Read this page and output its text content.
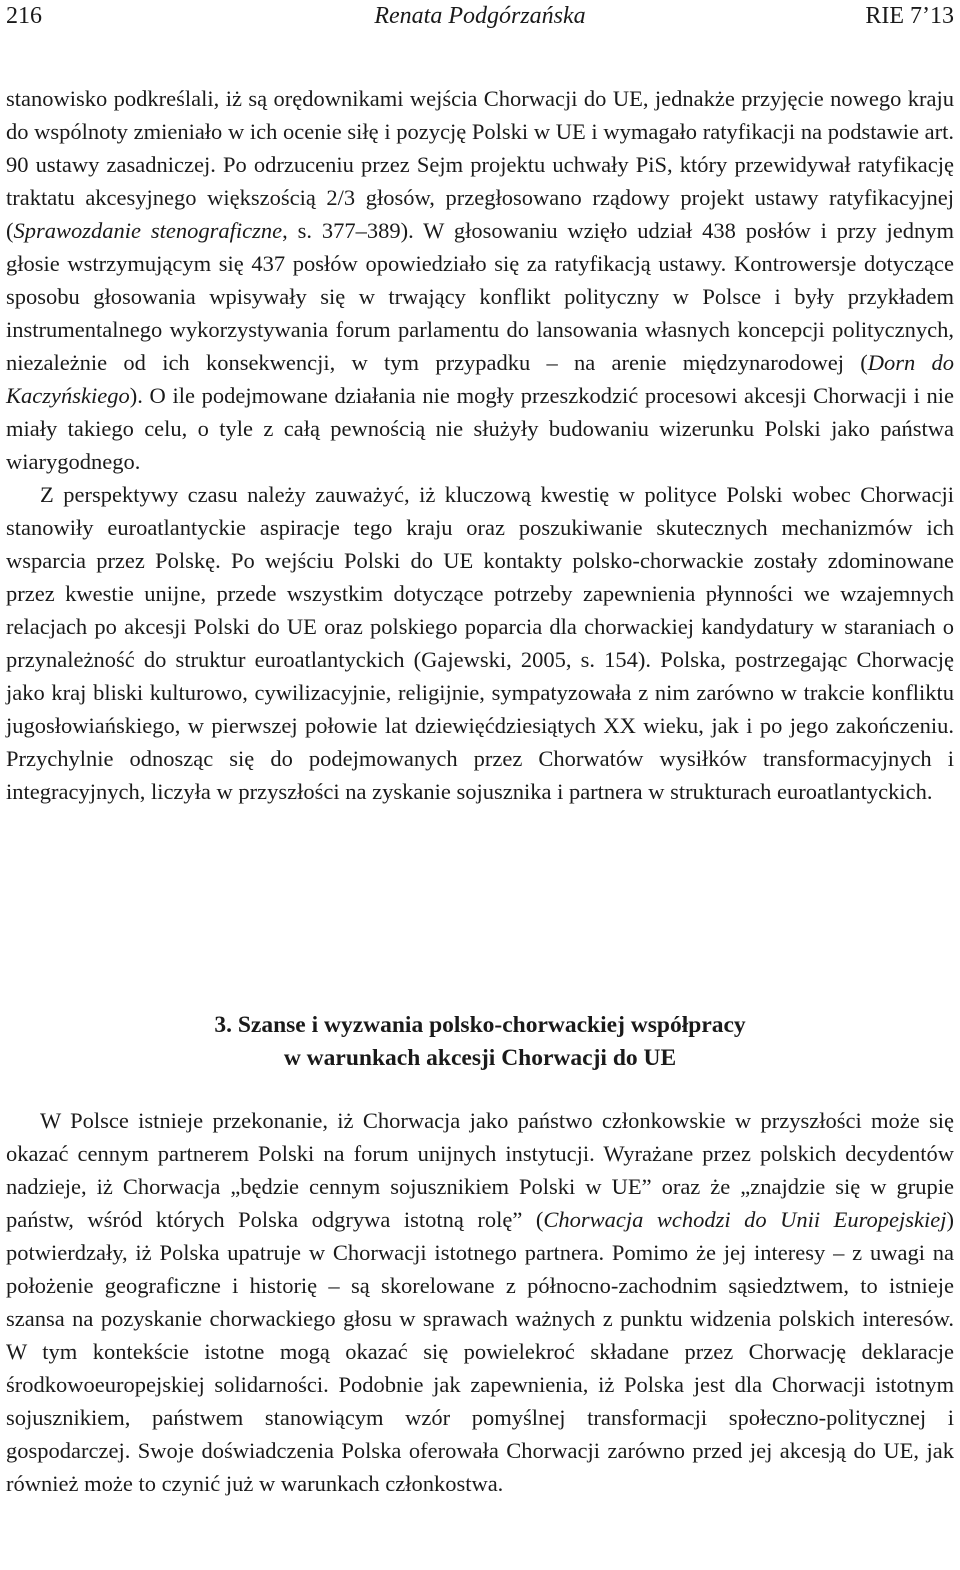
216	Renata Podgórzańska	RIE 7’13

stanowisko podkreślali, iż są orędownikami wejścia Chorwacji do UE, jednakże przyjęcie nowego kraju do wspólnoty zmieniało w ich ocenie siłę i pozycję Polski w UE i wymagało ratyfikacji na podstawie art. 90 ustawy zasadniczej. Po odrzuceniu przez Sejm projektu uchwały PiS, który przewidywał ratyfikację traktatu akcesyjnego większością 2/3 głosów, przegłosowano rządowy projekt ustawy ratyfikacyjnej (Sprawozdanie stenograficzne, s. 377–389). W głosowaniu wzięło udział 438 posłów i przy jednym głosie wstrzymującym się 437 posłów opowiedziało się za ratyfikacją ustawy. Kontrowersje dotyczące sposobu głosowania wpisywały się w trwający konflikt polityczny w Polsce i były przykładem instrumentalnego wykorzystywania forum parlamentu do lansowania własnych koncepcji politycznych, niezależnie od ich konsekwencji, w tym przypadku – na arenie międzynarodowej (Dorn do Kaczyńskiego). O ile podejmowane działania nie mogły przeszkodzić procesowi akcesji Chorwacji i nie miały takiego celu, o tyle z całą pewnością nie służyły budowaniu wizerunku Polski jako państwa wiarygodnego.

Z perspektywy czasu należy zauważyć, iż kluczową kwestię w polityce Polski wobec Chorwacji stanowiły euroatlantyckie aspiracje tego kraju oraz poszukiwanie skutecznych mechanizmów ich wsparcia przez Polskę. Po wejściu Polski do UE kontakty polsko-chorwackie zostały zdominowane przez kwestie unijne, przede wszystkim dotyczące potrzeby zapewnienia płynności we wzajemnych relacjach po akcesji Polski do UE oraz polskiego poparcia dla chorwackiej kandydatury w staraniach o przynależność do struktur euroatlantyckich (Gajewski, 2005, s. 154). Polska, postrzegając Chorwację jako kraj bliski kulturowo, cywilizacyjnie, religijnie, sympatyzowała z nim zarówno w trakcie konfliktu jugosłowiańskiego, w pierwszej połowie lat dziewięćdziesiątych XX wieku, jak i po jego zakończeniu. Przychylnie odnosząc się do podejmowanych przez Chorwatów wysiłków transformacyjnych i integracyjnych, liczyła w przyszłości na zyskanie sojusznika i partnera w strukturach euroatlantyckich.

3. Szanse i wyzwania polsko-chorwackiej współpracy
w warunkach akcesji Chorwacji do UE

W Polsce istnieje przekonanie, iż Chorwacja jako państwo członkowskie w przyszłości może się okazać cennym partnerem Polski na forum unijnych instytucji. Wyrażane przez polskich decydentów nadzieje, iż Chorwacja „będzie cennym sojusznikiem Polski w UE” oraz że „znajdzie się w grupie państw, wśród których Polska odgrywa istotną rolę” (Chorwacja wchodzi do Unii Europejskiej) potwierdzały, iż Polska upatruje w Chorwacji istotnego partnera. Pomimo że jej interesy – z uwagi na położenie geograficzne i historię – są skorelowane z północno-zachodnim sąsiedztwem, to istnieje szansa na pozyskanie chorwackiego głosu w sprawach ważnych z punktu widzenia polskich interesów. W tym kontekście istotne mogą okazać się powielekroć składane przez Chorwację deklaracje środkowoeuropejskiej solidarności. Podobnie jak zapewnienia, iż Polska jest dla Chorwacji istotnym sojusznikiem, państwem stanowiącym wzór pomyślnej transformacji społeczno-politycznej i gospodarczej. Swoje doświadczenia Polska oferowała Chorwacji zarówno przed jej akcesją do UE, jak również może to czynić już w warunkach członkostwa.
